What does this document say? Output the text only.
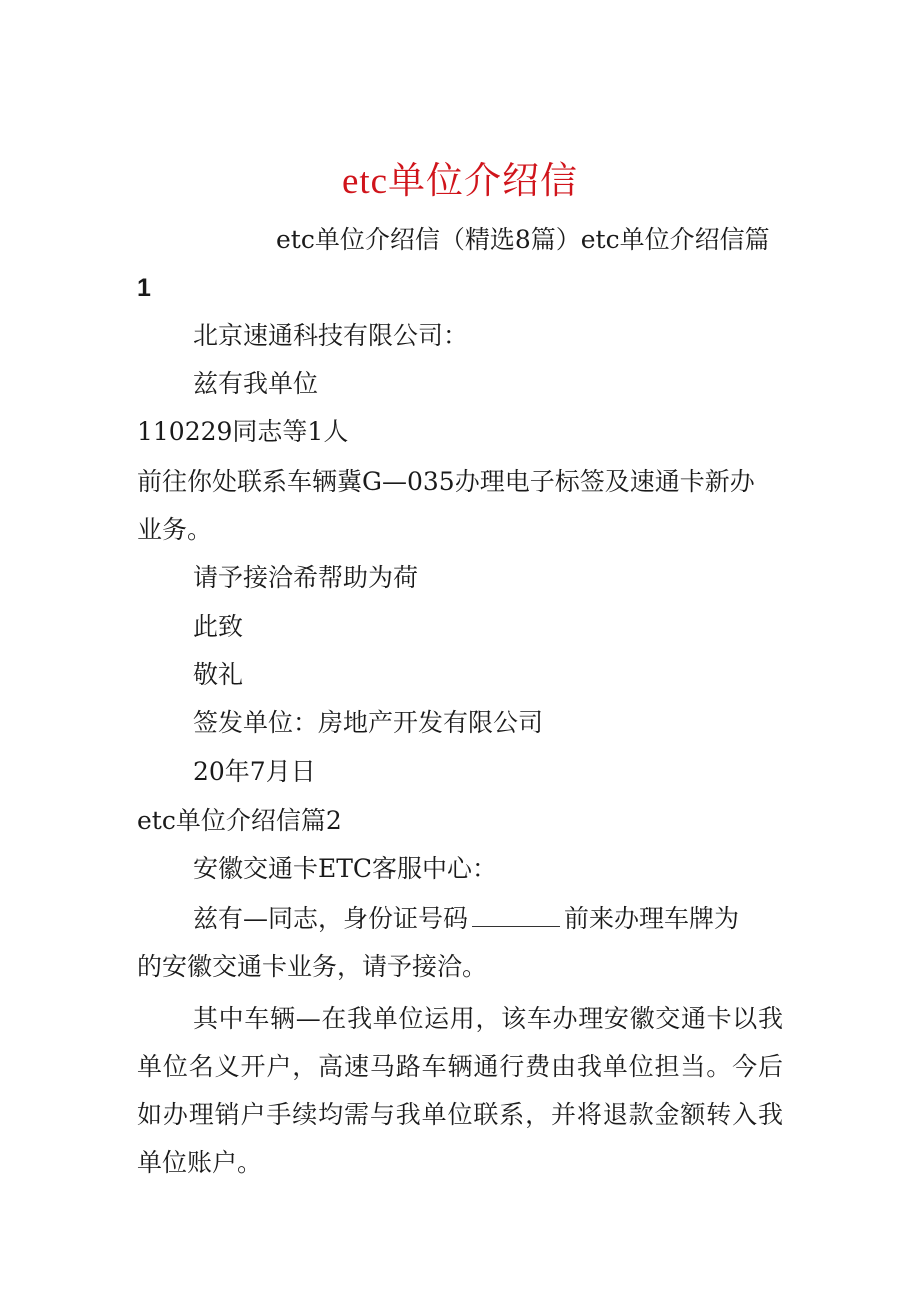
etc单位介绍信
etc单位介绍信（精选8篇）etc单位介绍信篇
1
北京速通科技有限公司：
兹有我单位
110229同志等1人
前往你处联系车辆冀G—035办理电子标签及速通卡新办
业务。
请予接洽希帮助为荷
此致
敬礼
签发单位：房地产开发有限公司
20年7月日
etc单位介绍信篇2
安徽交通卡ETC客服中心：
兹有—同志，身份证号码	前来办理车牌为
的安徽交通卡业务，请予接洽。

其中车辆—在我单位运用，该车办理安徽交通卡以我单位名义开户，高速马路车辆通行费由我单位担当。今后如办理销户手续均需与我单位联系，并将退款金额转入我单位账户。
